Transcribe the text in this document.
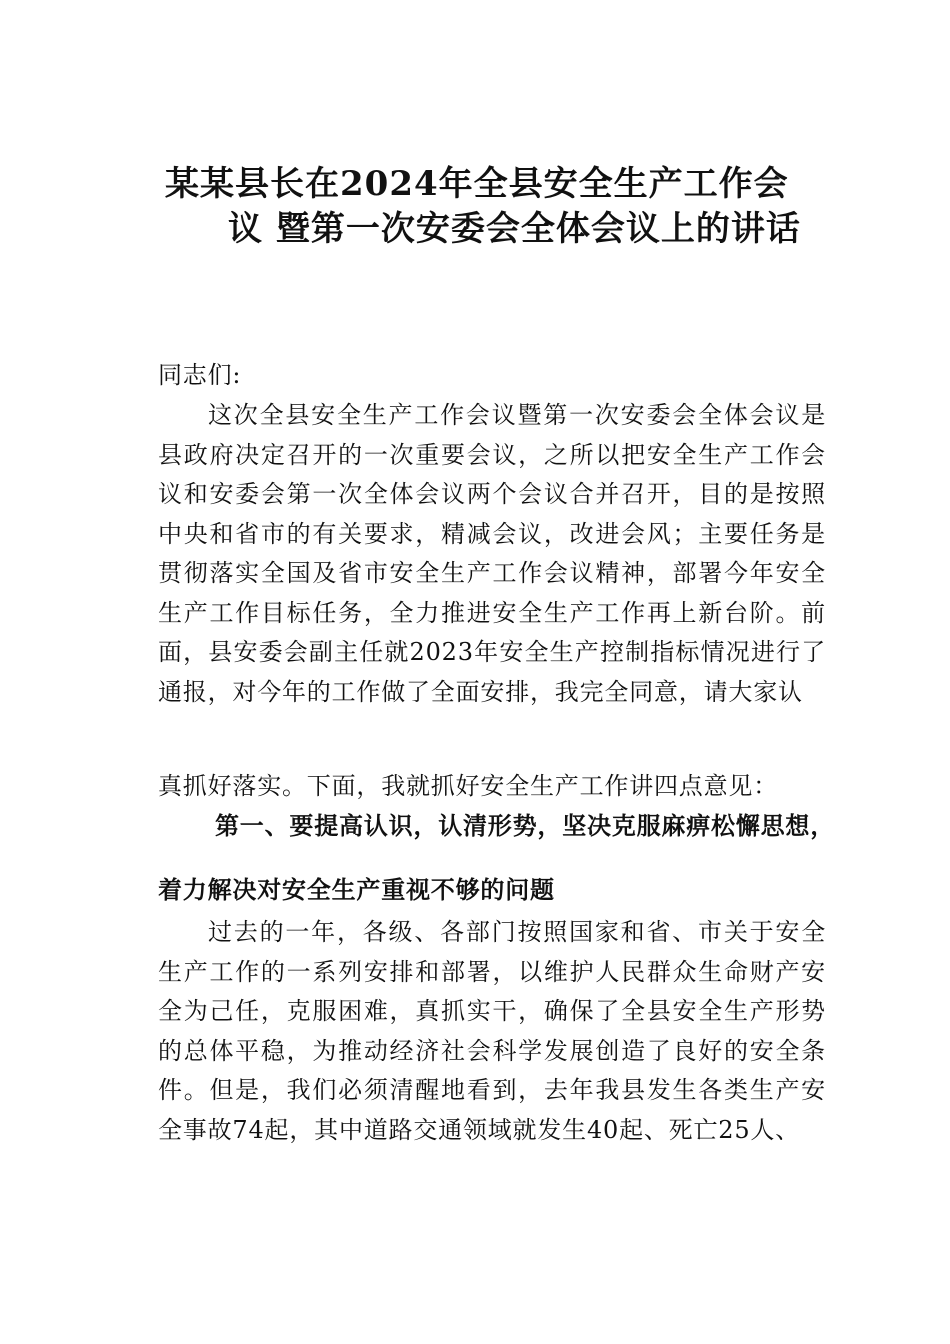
某某县长在2024年全县安全生产工作会
议 暨第一次安委会全体会议上的讲话

同志们:

这次全县安全生产工作会议暨第一次安委会全体会议是县政府决定召开的一次重要会议，之所以把安全生产工作会议和安委会第一次全体会议两个会议合并召开，目的是按照中央和省市的有关要求，精减会议，改进会风；主要任务是贯彻落实全国及省市安全生产工作会议精神，部署今年安全生产工作目标任务，全力推进安全生产工作再上新台阶。前面，县安委会副主任就2023年安全生产控制指标情况进行了 通报，对今年的工作做了全面安排，我完全同意，请大家认

真抓好落实。下面，我就抓好安全生产工作讲四点意见：

第一、要提高认识，认清形势，坚决克服麻痹松懈思想，

着力解决对安全生产重视不够的问题

过去的一年，各级、各部门按照国家和省、市关于安全生产工作的一系列安排和部署，以维护人民群众生命财产安全为己任，克服困难，真抓实干，确保了全县安全生产形势的总体平稳，为推动经济社会科学发展创造了良好的安全条件。但是，我们必须清醒地看到，去年我县发生各类生产安全事故74起，其中道路交通领域就发生40起、死亡25人、
